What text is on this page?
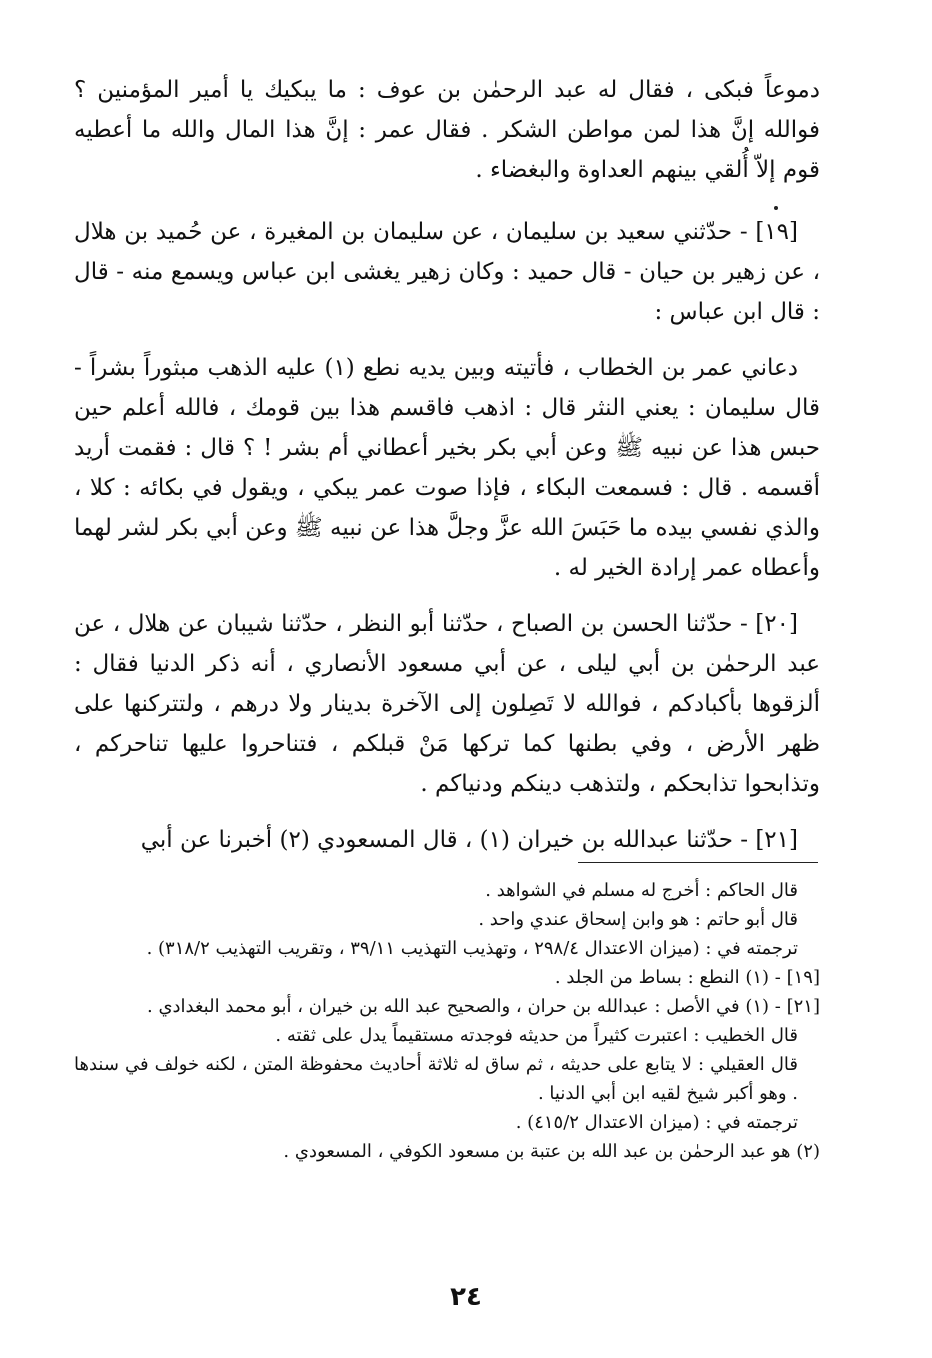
دموعاً فبكى ، فقال له عبد الرحمٰن بن عوف : ما يبكيك يا أمير المؤمنين ؟ فوالله إنَّ هذا لمن مواطن الشكر . فقال عمر : إنَّ هذا المال والله ما أعطيه قوم إلاّ أُلقي بينهم العداوة والبغضاء .

[١٩] - حدّثني سعيد بن سليمان ، عن سليمان بن المغيرة ، عن حُميد بن هلال ، عن زهير بن حيان - قال حميد : وكان زهير يغشى ابن عباس ويسمع منه - قال : قال ابن عباس :

دعاني عمر بن الخطاب ، فأتيته وبين يديه نطع (١) عليه الذهب مبثوراً بشراً - قال سليمان : يعني النثر قال : اذهب فاقسم هذا بين قومك ، فالله أعلم حين حبس هذا عن نبيه ﷺ وعن أبي بكر بخير أعطاني أم بشر ! ؟ قال : فقمت أريد أقسمه . قال : فسمعت البكاء ، فإذا صوت عمر يبكي ، ويقول في بكائه : كلا ، والذي نفسي بيده ما حَبَسَ الله عزَّ وجلَّ هذا عن نبيه ﷺ وعن أبي بكر لشر لهما وأعطاه عمر إرادة الخير له .

[٢٠] - حدّثنا الحسن بن الصباح ، حدّثنا أبو النظر ، حدّثنا شيبان عن هلال ، عن عبد الرحمٰن بن أبي ليلى ، عن أبي مسعود الأنصاري ، أنه ذكر الدنيا فقال : ألزقوها بأكبادكم ، فوالله لا تَصِلون إلى الآخرة بدينار ولا درهم ، ولتتركنها على ظهر الأرض ، وفي بطنها كما تركها مَنْ قبلكم ، فتناحروا عليها تناحركم ، وتذابحوا تذابحكم ، ولتذهب دينكم ودنياكم .

[٢١] - حدّثنا عبدالله بن خيران (١) ، قال المسعودي (٢) أخبرنا عن أبي

قال الحاكم : أخرج له مسلم في الشواهد .

قال أبو حاتم : هو وابن إسحاق عندي واحد .

ترجمته في : (ميزان الاعتدال ٢٩٨/٤ ، وتهذيب التهذيب ٣٩/١١ ، وتقريب التهذيب ٣١٨/٢) .

[١٩] - (١) النطع : بساط من الجلد .

[٢١] - (١) في الأصل : عبدالله بن حران ، والصحيح عبد الله بن خيران ، أبو محمد البغدادي .

قال الخطيب : اعتبرت كثيراً من حديثه فوجدته مستقيماً يدل على ثقته .

قال العقيلي : لا يتابع على حديثه ، ثم ساق له ثلاثة أحاديث محفوظة المتن ، لكنه خولف في سندها . وهو أكبر شيخ لقيه ابن أبي الدنيا .

ترجمته في : (ميزان الاعتدال ٤١٥/٢) .

(٢) هو عبد الرحمٰن بن عبد الله بن عتبة بن مسعود الكوفي ، المسعودي .

٢٤
